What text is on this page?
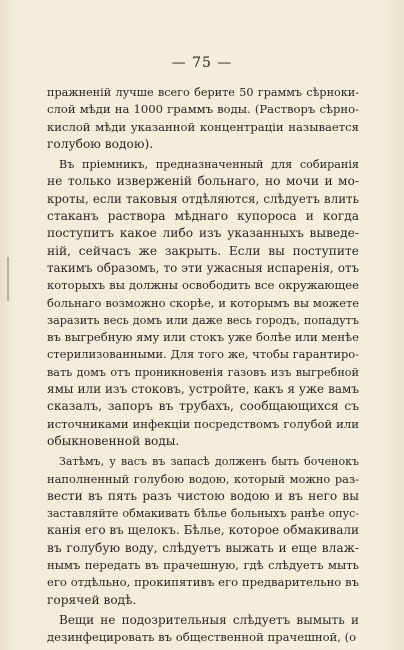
— 75 —
пражненій лучше всего берите 50 граммъ сѣрноки-
слой мѣди на 1000 граммъ воды. (Растворъ сѣрно-
кислой мѣди указанной концентраціи называется
голубою водою).
Въ пріемникъ, предназначенный для собиранія
не только изверженій больнаго, но мочи и мо-
кроты, если таковыя отдѣляются, слѣдуетъ влить
стаканъ раствора мѣднаго купороса и когда
поступитъ какое либо изъ указанныхъ выведе-
ній, сейчасъ же закрыть. Если вы поступите
такимъ образомъ, то эти ужасныя испаренія, отъ
которыхъ вы должны освободить все окружающее
больнаго возможно скорѣе, и которымъ вы можете
заразить весь домъ или даже весь городъ, попадутъ
въ выгребную яму или стокъ уже болѣе или менѣе
стерилизованными. Для того же, чтобы гарантиро-
вать домъ отъ проникновенія газовъ изъ выгребной
ямы или изъ стоковъ, устройте, какъ я уже вамъ
сказалъ, запоръ въ трубахъ, сообщающихся съ
источниками инфекціи посредствомъ голубой или
обыкновенной воды.
Затѣмъ, у васъ въ запасѣ долженъ быть боченокъ
наполненный голубою водою, который можно раз-
вести въ пять разъ чистою водою и въ него вы
заставляйте обмакивать бѣлье больныхъ ранѣе опус-
канія его въ щелокъ. Бѣлье, которое обмакивали
въ голубую воду, слѣдуетъ выжать и еще влаж-
нымъ передать въ прачешную, гдѣ слѣдуетъ мыть
его отдѣльно, прокипятивъ его предварительно въ
горячей водѣ.
Вещи не подозрительныя слѣдуетъ вымыть и
дезинфецировать въ общественной прачешной, (о
